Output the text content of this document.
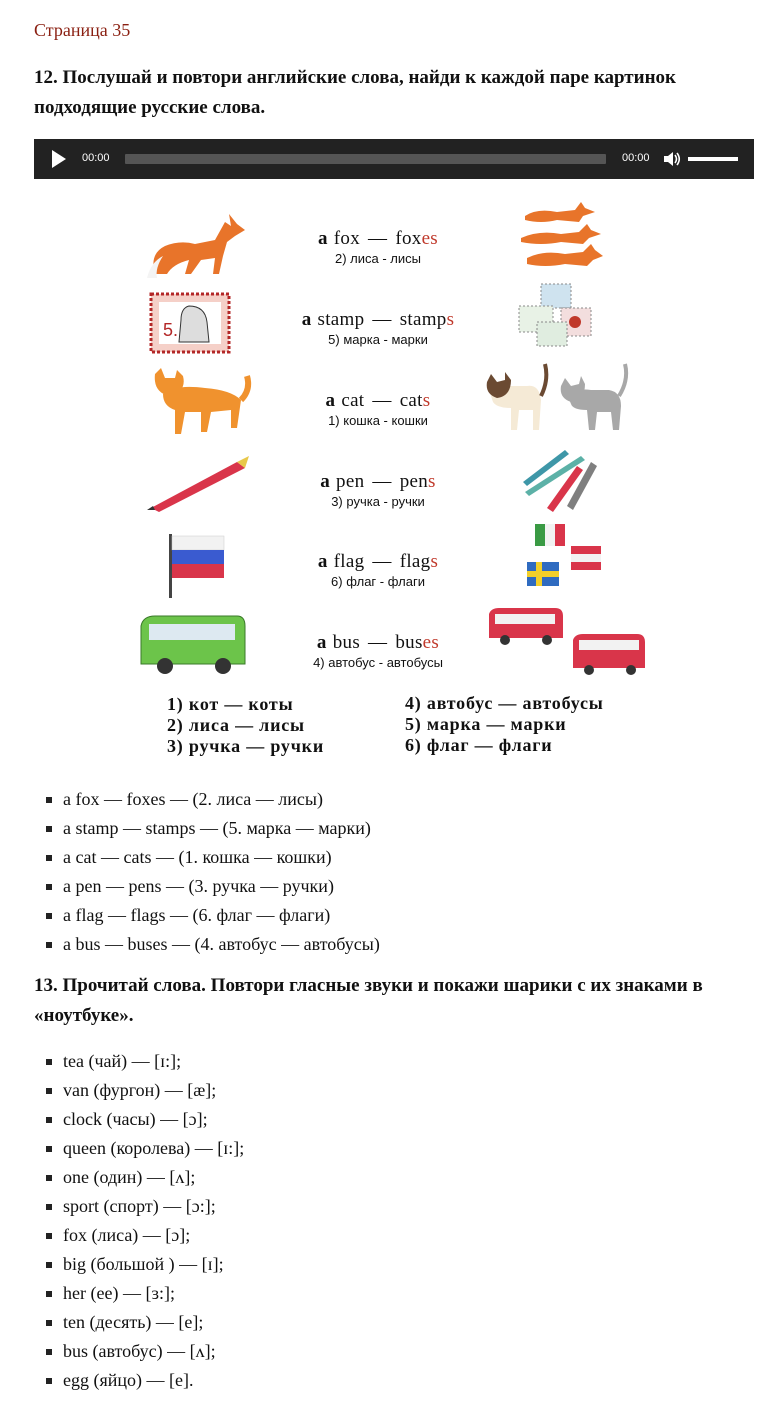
Страница 35
12. Послушай и повтори английские слова, найди к каждой паре картинок подходящие русские слова.
00:00	00:00
5.
a fox — foxes
2) лиса - лисы
a stamp — stamps
5) марка - марки
a cat — cats
1) кошка - кошки
a pen — pens
3) ручка - ручки
a flag — flags
6) флаг - флаги
a bus — buses
4) автобус - автобусы
1) кот — коты
2) лиса — лисы
3) ручка — ручки
4) автобус — автобусы
5) марка — марки
6) флаг — флаги
a fox — foxes — (2. лиса — лисы)
a stamp — stamps — (5. марка — марки)
a cat — cats — (1. кошка — кошки)
a pen — pens — (3. ручка — ручки)
a flag — flags — (6. флаг — флаги)
a bus — buses — (4. автобус — автобусы)
13. Прочитай слова. Повтори гласные звуки и покажи шарики с их знаками в «ноутбуке».
tea (чай) — [ɪ:];
van (фургон) — [æ];
clock (часы) — [ɔ];
queen (королева) — [ɪ:];
one (один) — [ʌ];
sport (спорт) — [ɔ:];
fox (лиса) — [ɔ];
big (большой ) — [ɪ];
her (ее) — [ɜ:];
ten (десять) — [e];
bus (автобус) — [ʌ];
egg (яйцо) — [e].
